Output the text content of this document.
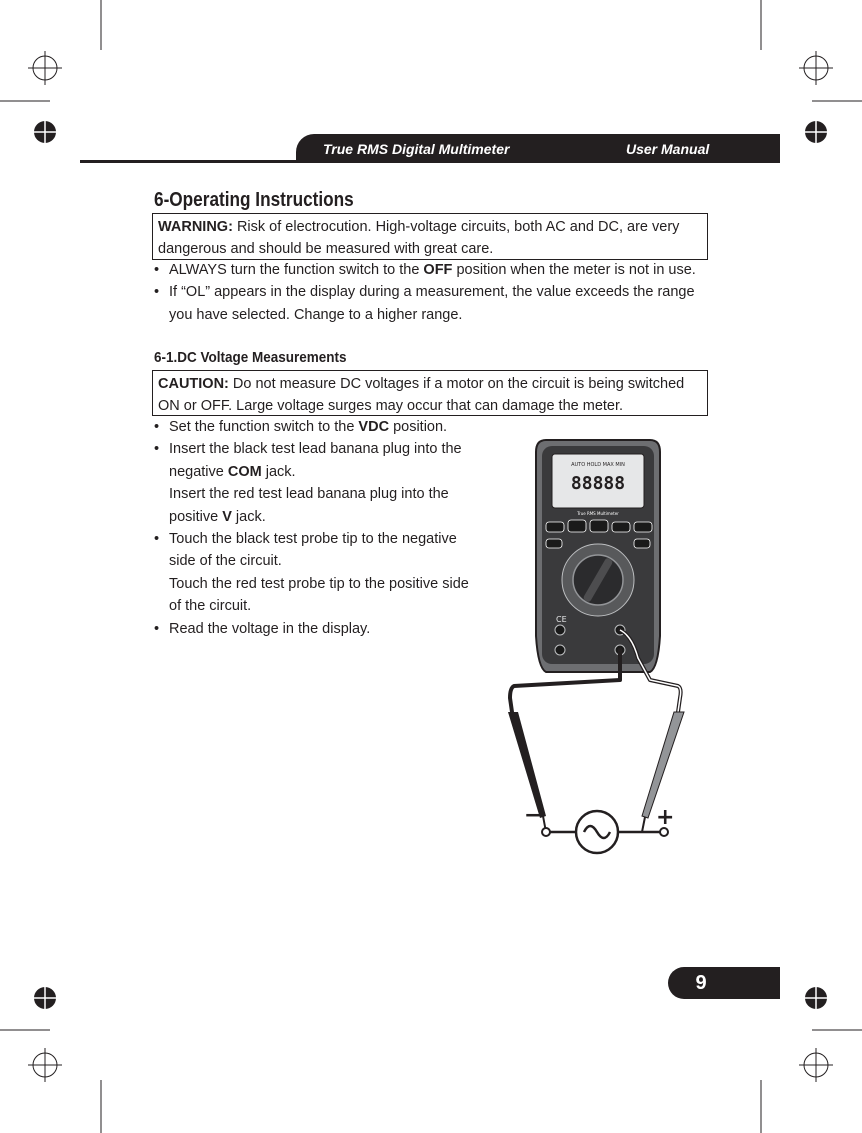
True RMS Digital Multimeter	User Manual
6-Operating Instructions
WARNING: Risk of electrocution. High-voltage circuits, both AC and DC, are very
dangerous and should be measured with great care.
• ALWAYS turn the function switch to the OFF position when the meter is not in use.
• If “OL” appears in the display during a measurement, the value exceeds the range
you have selected. Change to a higher range.
6-1.DC Voltage Measurements
CAUTION: Do not measure DC voltages if a motor on the circuit is being switched
ON or OFF. Large voltage surges may occur that can damage the meter.
• Set the function switch to the VDC position.
• Insert the black test lead banana plug into the
negative COM jack.
Insert the red test lead banana plug into the
positive V jack.
• Touch the black test probe tip to the negative
side of the circuit.
Touch the red test probe tip to the positive side
of the circuit.
• Read the voltage in the display.
88888
AUTO HOLD MAX MIN
True RMS Multimeter
CE
−	+
9
